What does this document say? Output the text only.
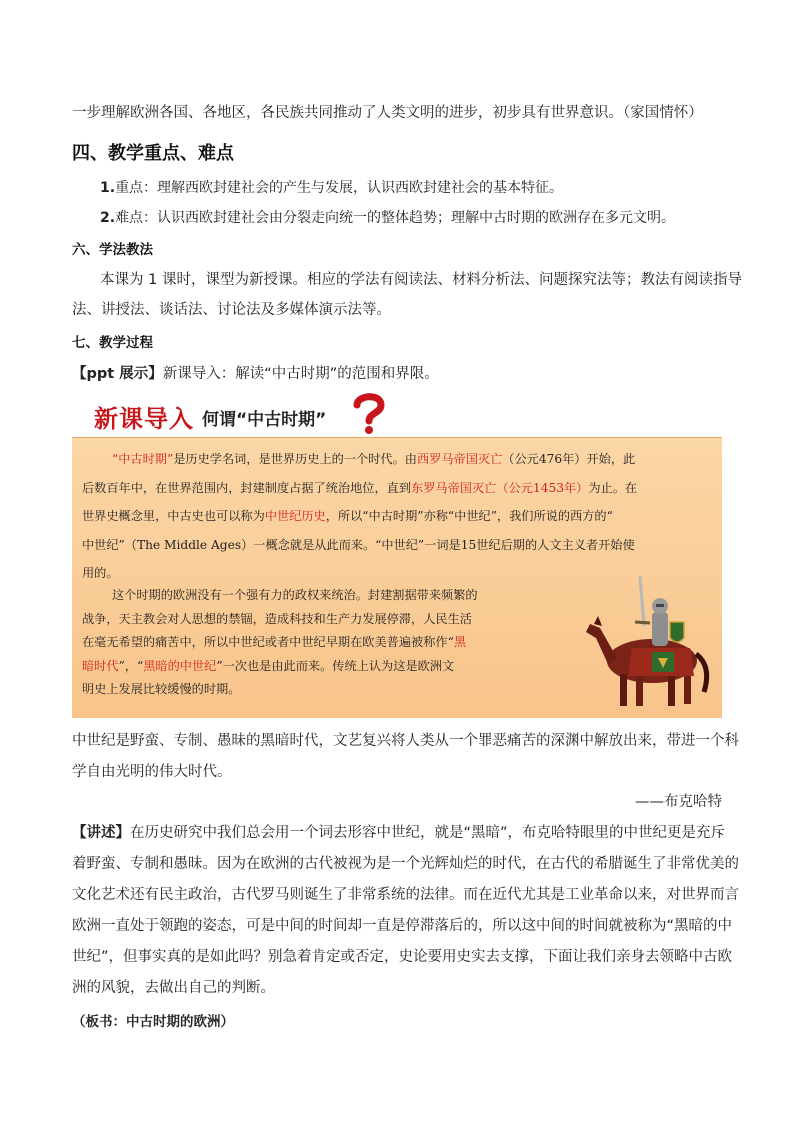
一步理解欧洲各国、各地区，各民族共同推动了人类文明的进步，初步具有世界意识。（家国情怀）
四、教学重点、难点
1.重点：理解西欧封建社会的产生与发展，认识西欧封建社会的基本特征。
2.难点：认识西欧封建社会由分裂走向统一的整体趋势；理解中古时期的欧洲存在多元文明。
六、学法教法
本课为 1 课时，课型为新授课。相应的学法有阅读法、材料分析法、问题探究法等；教法有阅读指导
法、讲授法、谈话法、讨论法及多媒体演示法等。
七、教学过程
【ppt 展示】新课导入：解读“中古时期”的范围和界限。
新课导入 何谓“中古时期”
“中古时期”是历史学名词，是世界历史上的一个时代。由西罗马帝国灭亡（公元476年）开始，此
后数百年中，在世界范围内，封建制度占据了统治地位，直到东罗马帝国灭亡（公元1453年）为止。在
世界史概念里，中古史也可以称为中世纪历史，所以“中古时期”亦称“中世纪”，我们所说的西方的“
中世纪”（The Middle Ages）一概念就是从此而来。“中世纪”一词是15世纪后期的人文主义者开始使
用的。
这个时期的欧洲没有一个强有力的政权来统治。封建割据带来频繁的
战争，天主教会对人思想的禁锢，造成科技和生产力发展停滞，人民生活
在毫无希望的痛苦中，所以中世纪或者中世纪早期在欧美普遍被称作“黑
暗时代”，“黑暗的中世纪”一次也是由此而来。传统上认为这是欧洲文
明史上发展比较缓慢的时期。
中世纪是野蛮、专制、愚昧的黑暗时代，文艺复兴将人类从一个罪恶痛苦的深渊中解放出来，带进一个科
学自由光明的伟大时代。
——布克哈特
【讲述】在历史研究中我们总会用一个词去形容中世纪，就是“黑暗”，布克哈特眼里的中世纪更是充斥
着野蛮、专制和愚昧。因为在欧洲的古代被视为是一个光辉灿烂的时代，在古代的希腊诞生了非常优美的
文化艺术还有民主政治，古代罗马则诞生了非常系统的法律。而在近代尤其是工业革命以来，对世界而言
欧洲一直处于领跑的姿态，可是中间的时间却一直是停滞落后的，所以这中间的时间就被称为“黑暗的中
世纪”，但事实真的是如此吗？别急着肯定或否定，史论要用史实去支撑，下面让我们亲身去领略中古欧
洲的风貌，去做出自己的判断。
（板书：中古时期的欧洲）
